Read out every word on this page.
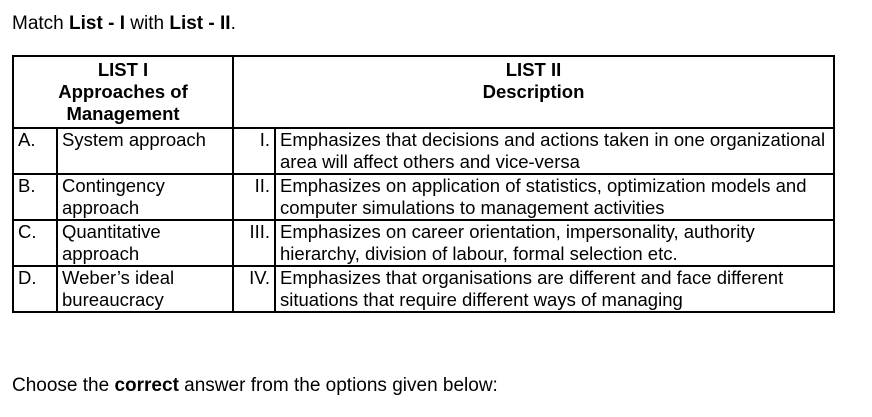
Match List - I with List - II.
LIST I
Approaches of
Management		LIST II
Description	

A.	System approach	I.	Emphasizes that decisions and actions taken in one organizational area will affect others and vice-versa
B.	Contingency approach	II.	Emphasizes on application of statistics, optimization models and computer simulations to management activities
C.	Quantitative approach	III.	Emphasizes on career orientation, impersonality, authority hierarchy, division of labour, formal selection etc.
D.	Weber’s ideal bureaucracy	IV.	Emphasizes that organisations are different and face different situations that require different ways of managing
Choose the correct answer from the options given below:
